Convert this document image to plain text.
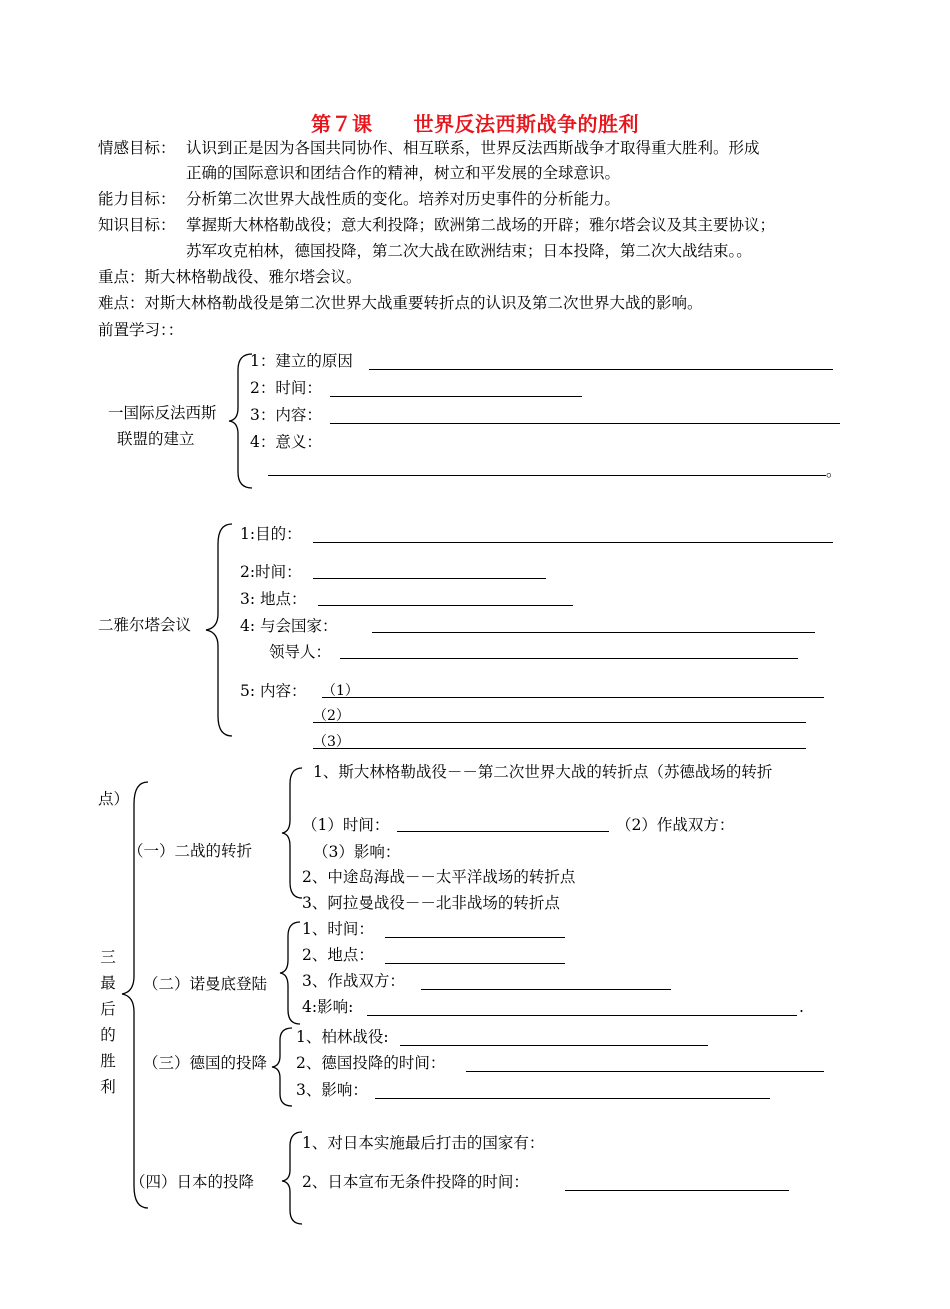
第７课　　世界反法西斯战争的胜利
情感目标： 认识到正是因为各国共同协作、相互联系，世界反法西斯战争才取得重大胜利。形成
正确的国际意识和团结合作的精神，树立和平发展的全球意识。
能力目标： 分析第二次世界大战性质的变化。培养对历史事件的分析能力。
知识目标： 掌握斯大林格勒战役；意大利投降；欧洲第二战场的开辟；雅尔塔会议及其主要协议；
苏军攻克柏林，德国投降，第二次大战在欧洲结束；日本投降，第二次大战结束。。
重点：斯大林格勒战役、雅尔塔会议。
难点：对斯大林格勒战役是第二次世界大战重要转折点的认识及第二次世界大战的影响。
前置学习：：
一国际反法西斯
联盟的建立
1：建立的原因
2：时间：
3：内容：
4：意义：
。
二雅尔塔会议
1:目的：
2:时间：
3: 地点：
4: 与会国家：
领导人：
5: 内容： （1）
（2）
（3）
三
最
后
的
胜
利
点）
（一）二战的转折
1、斯大林格勒战役－－第二次世界大战的转折点（苏德战场的转折
（1）时间：	（2）作战双方：
（3）影响：
2、中途岛海战－－太平洋战场的转折点
3、阿拉曼战役－－北非战场的转折点
（二）诺曼底登陆
1、时间：
2、地点：
3、作战双方：
4:影响:	.
（三）德国的投降
1、柏林战役:
2、德国投降的时间：
3、影响：
（四）日本的投降
1、对日本实施最后打击的国家有：
2、日本宣布无条件投降的时间：
